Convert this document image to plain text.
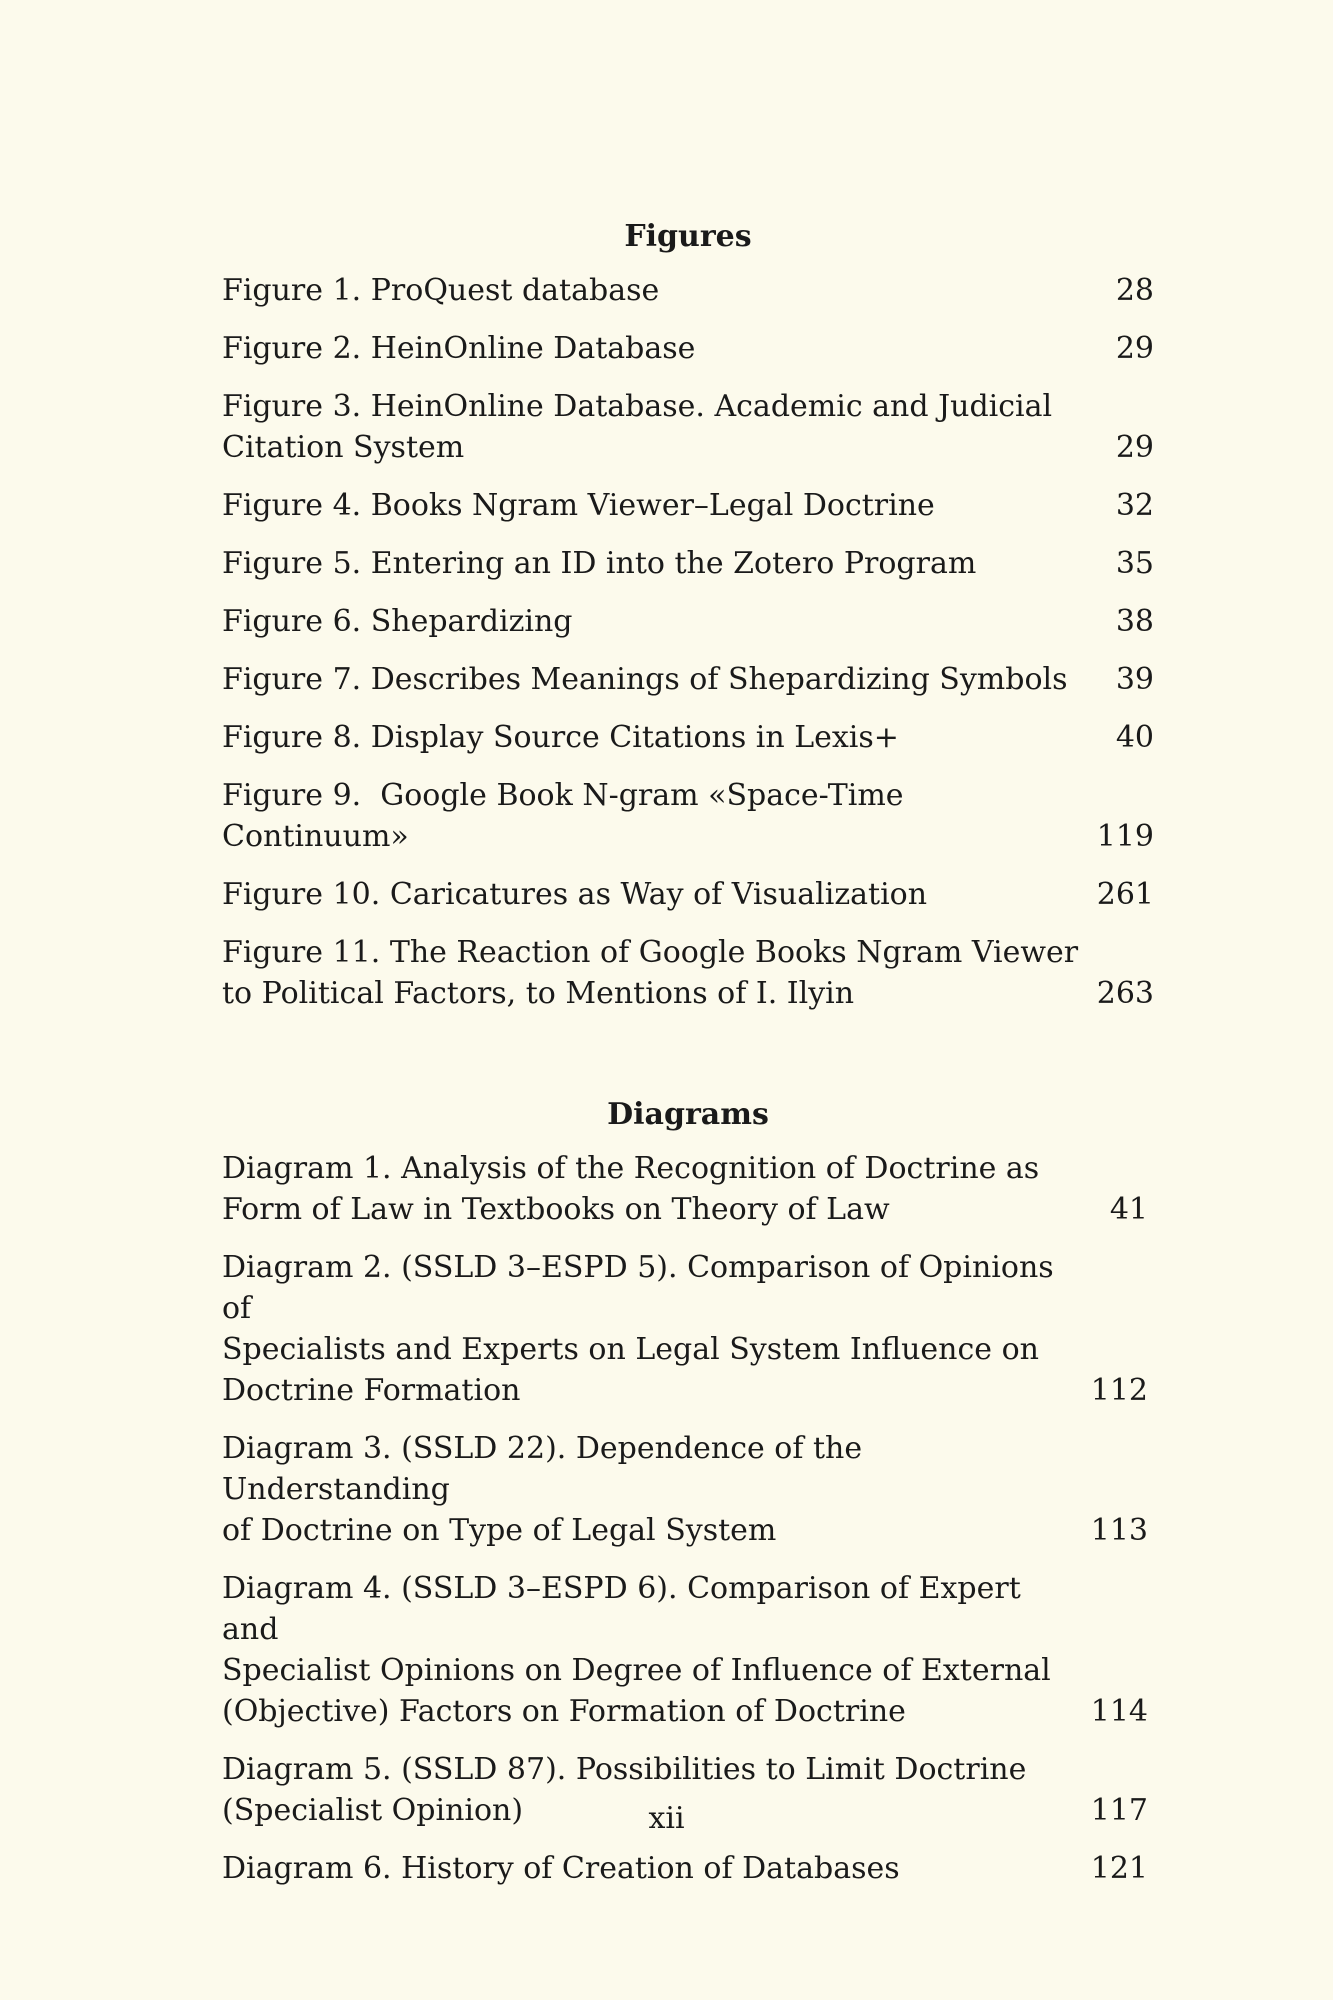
Figures
Figure 1. ProQuest database	28
Figure 2. HeinOnline Database	29
Figure 3. HeinOnline Database. Academic and Judicial
Citation System	29
Figure 4. Books Ngram Viewer–Legal Doctrine	32
Figure 5. Entering an ID into the Zotero Program	35
Figure 6. Shepardizing	38
Figure 7. Describes Meanings of Shepardizing Symbols	39
Figure 8. Display Source Citations in Lexis+	40
Figure 9.  Google Book N-gram «Space-Time
Continuum»	119
Figure 10. Caricatures as Way of Visualization	261
Figure 11. The Reaction of Google Books Ngram Viewer
to Political Factors, to Mentions of I. Ilyin	263
Diagrams
Diagram 1. Analysis of the Recognition of Doctrine as
Form of Law in Textbooks on Theory of Law	41
Diagram 2. (SSLD 3–ESPD 5). Comparison of Opinions of
Specialists and Experts on Legal System Influence on
Doctrine Formation	112
Diagram 3. (SSLD 22). Dependence of the Understanding
of Doctrine on Type of Legal System	113
Diagram 4. (SSLD 3–ESPD 6). Comparison of Expert and
Specialist Opinions on Degree of Influence of External
(Objective) Factors on Formation of Doctrine	114
Diagram 5. (SSLD 87). Possibilities to Limit Doctrine
(Specialist Opinion)	117
Diagram 6. History of Creation of Databases	121
xii
